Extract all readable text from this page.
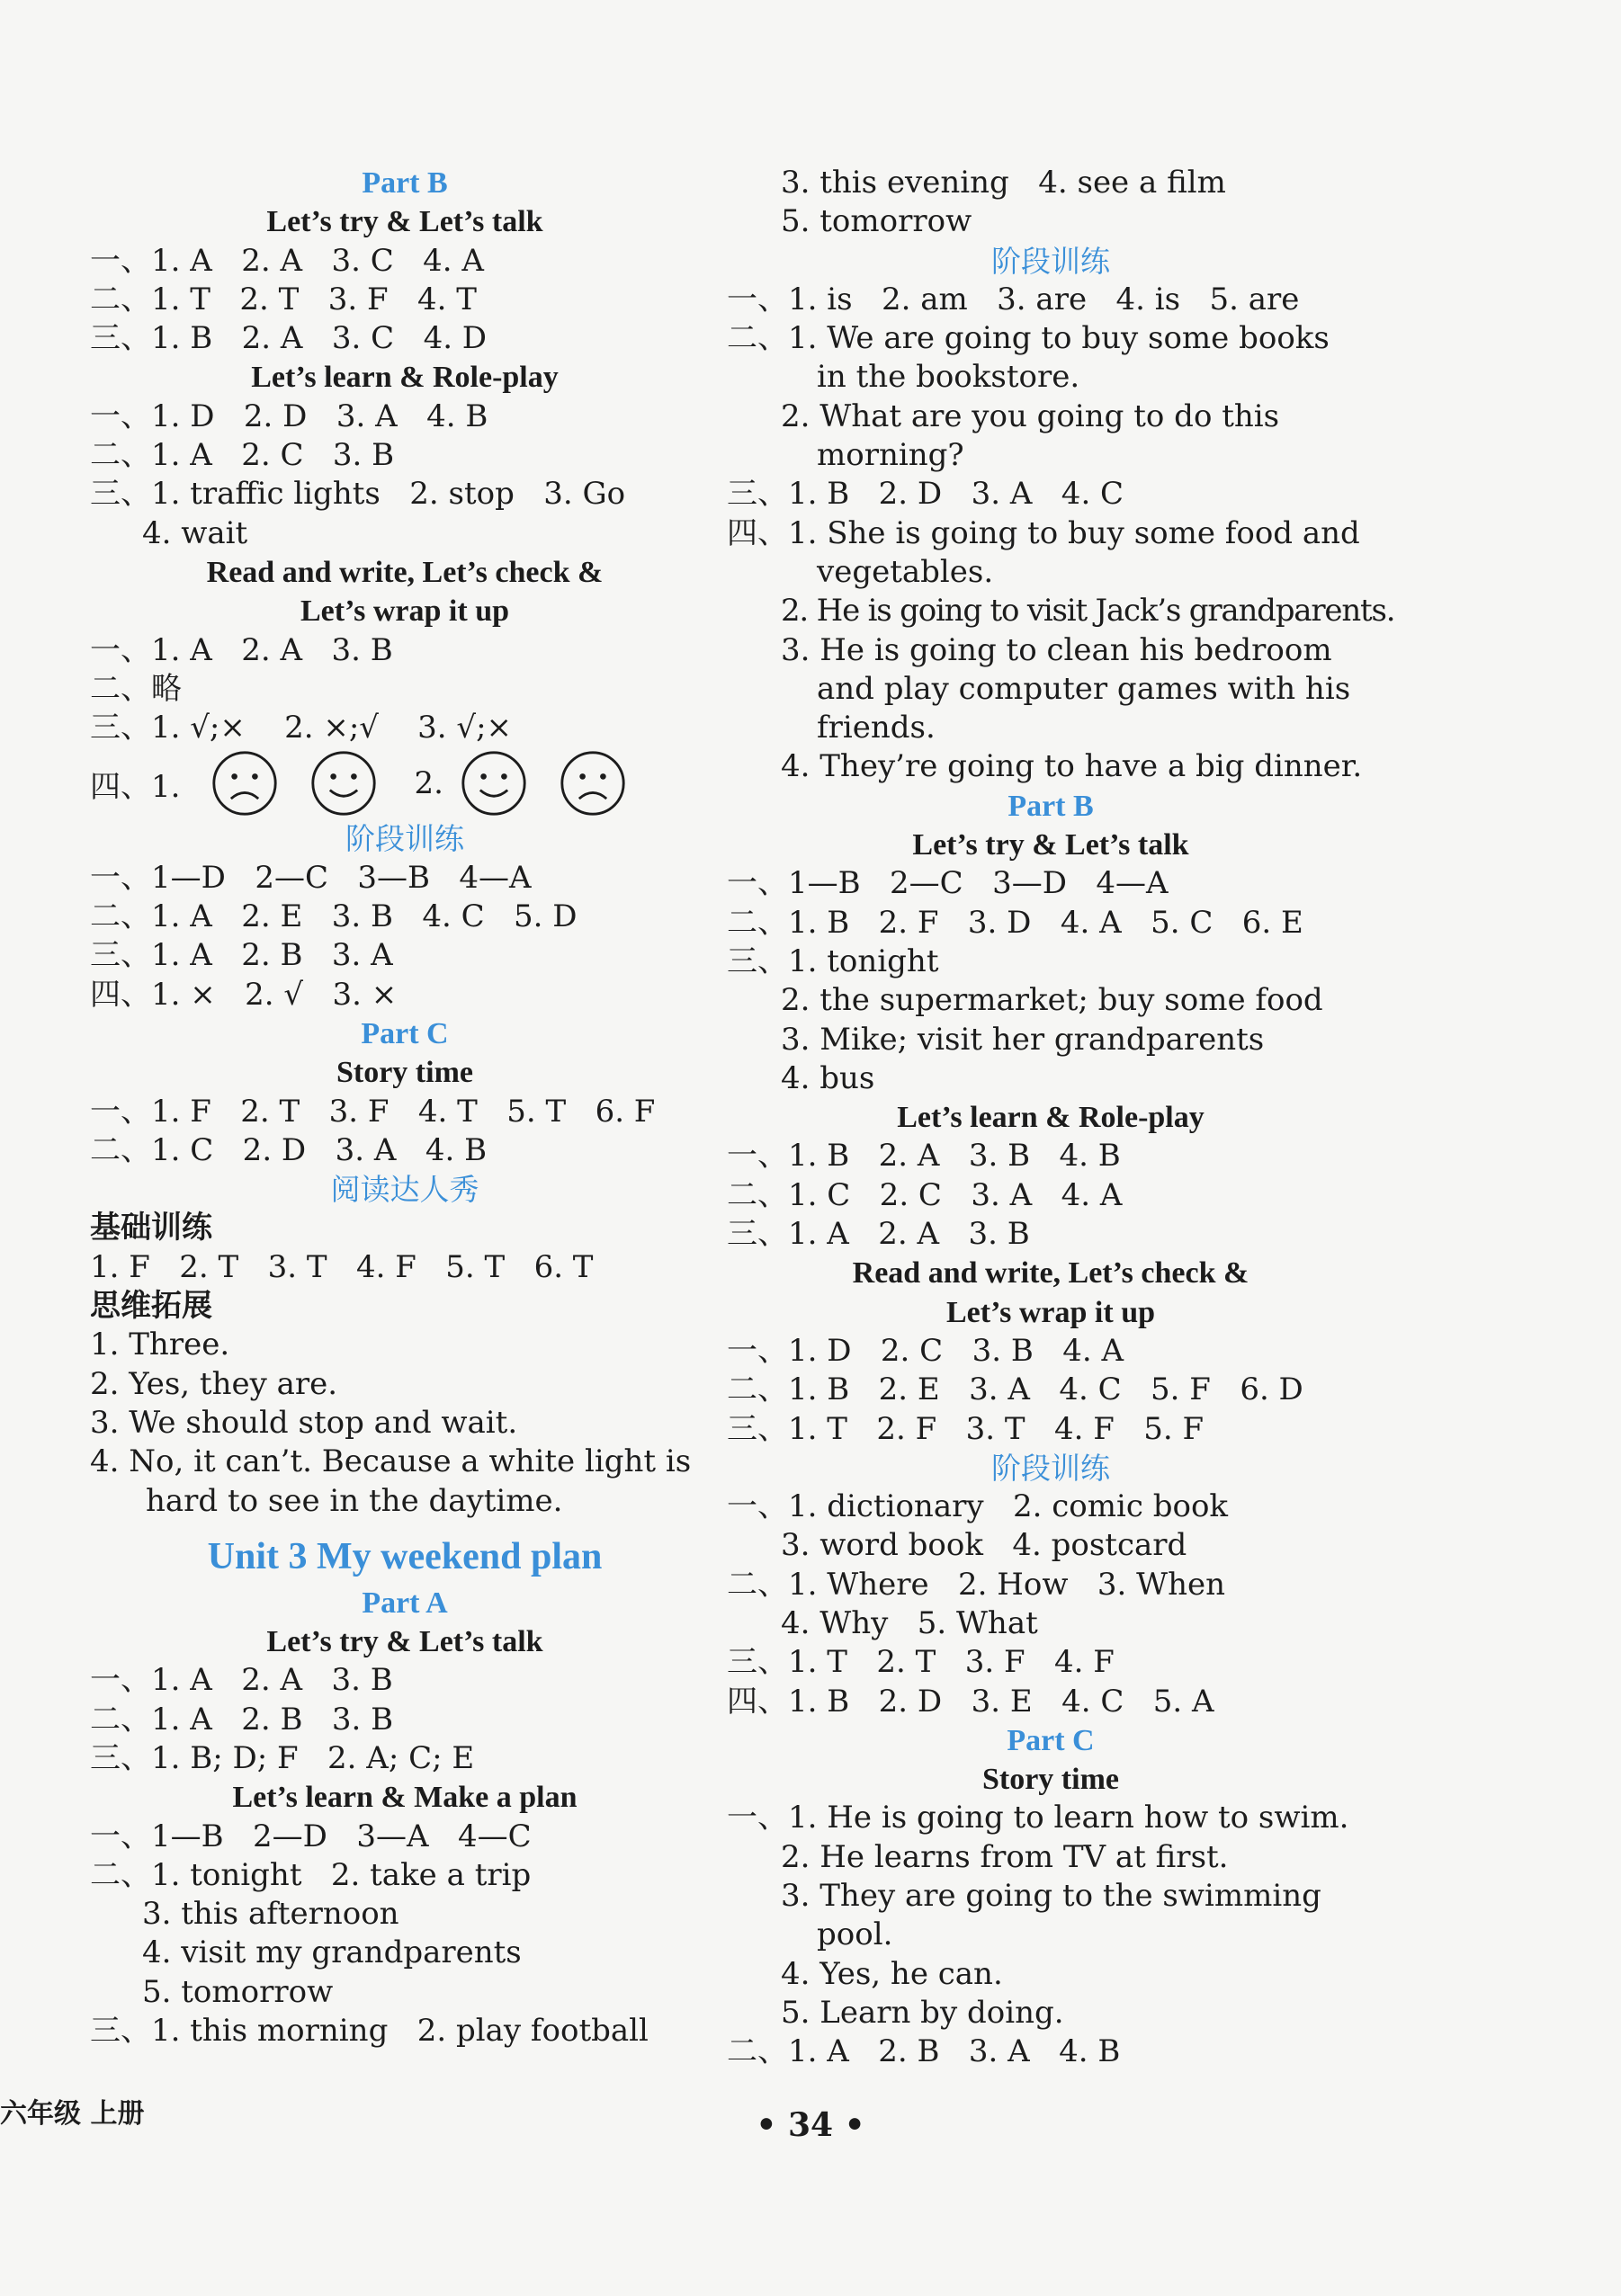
Part B
Let’s try & Let’s talk
一、1. A   2. A   3. C   4. A
二、1. T   2. T   3. F   4. T
三、1. B   2. A   3. C   4. D
Let’s learn & Role-play
一、1. D   2. D   3. A   4. B
二、1. A   2. C   3. B
三、1. traffic lights   2. stop   3. Go
4. wait
Read and write, Let’s check &
Let’s wrap it up
一、1. A   2. A   3. B
二、略
三、1. √;×    2. ×;√    3. √;×
四、1.	2.
阶段训练
一、1—D   2—C   3—B   4—A
二、1. A   2. E   3. B   4. C   5. D
三、1. A   2. B   3. A
四、1. ×   2. √   3. ×
Part C
Story time
一、1. F   2. T   3. F   4. T   5. T   6. F
二、1. C   2. D   3. A   4. B
阅读达人秀
基础训练
1. F   2. T   3. T   4. F   5. T   6. T
思维拓展
1. Three.
2. Yes, they are.
3. We should stop and wait.
4. No, it can’t. Because a white light is
hard to see in the daytime.
Unit 3 My weekend plan
Part A
Let’s try & Let’s talk
一、1. A   2. A   3. B
二、1. A   2. B   3. B
三、1. B; D; F   2. A; C; E
Let’s learn & Make a plan
一、1—B   2—D   3—A   4—C
二、1. tonight   2. take a trip
3. this afternoon
4. visit my grandparents
5. tomorrow
三、1. this morning   2. play football
3. this evening   4. see a film
5. tomorrow
阶段训练
一、1. is   2. am   3. are   4. is   5. are
二、1. We are going to buy some books
in the bookstore.
2. What are you going to do this
morning?
三、1. B   2. D   3. A   4. C
四、1. She is going to buy some food and
vegetables.
2. He is going to visit Jack’s grandparents.
3. He is going to clean his bedroom
and play computer games with his
friends.
4. They’re going to have a big dinner.
Part B
Let’s try & Let’s talk
一、1—B   2—C   3—D   4—A
二、1. B   2. F   3. D   4. A   5. C   6. E
三、1. tonight
2. the supermarket; buy some food
3. Mike; visit her grandparents
4. bus
Let’s learn & Role-play
一、1. B   2. A   3. B   4. B
二、1. C   2. C   3. A   4. A
三、1. A   2. A   3. B
Read and write, Let’s check &
Let’s wrap it up
一、1. D   2. C   3. B   4. A
二、1. B   2. E   3. A   4. C   5. F   6. D
三、1. T   2. F   3. T   4. F   5. F
阶段训练
一、1. dictionary   2. comic book
3. word book   4. postcard
二、1. Where   2. How   3. When
4. Why   5. What
三、1. T   2. T   3. F   4. F
四、1. B   2. D   3. E   4. C   5. A
Part C
Story time
一、1. He is going to learn how to swim.
2. He learns from TV at first.
3. They are going to the swimming
pool.
4. Yes, he can.
5. Learn by doing.
二、1. A   2. B   3. A   4. B
六年级 上册	• 34 •
